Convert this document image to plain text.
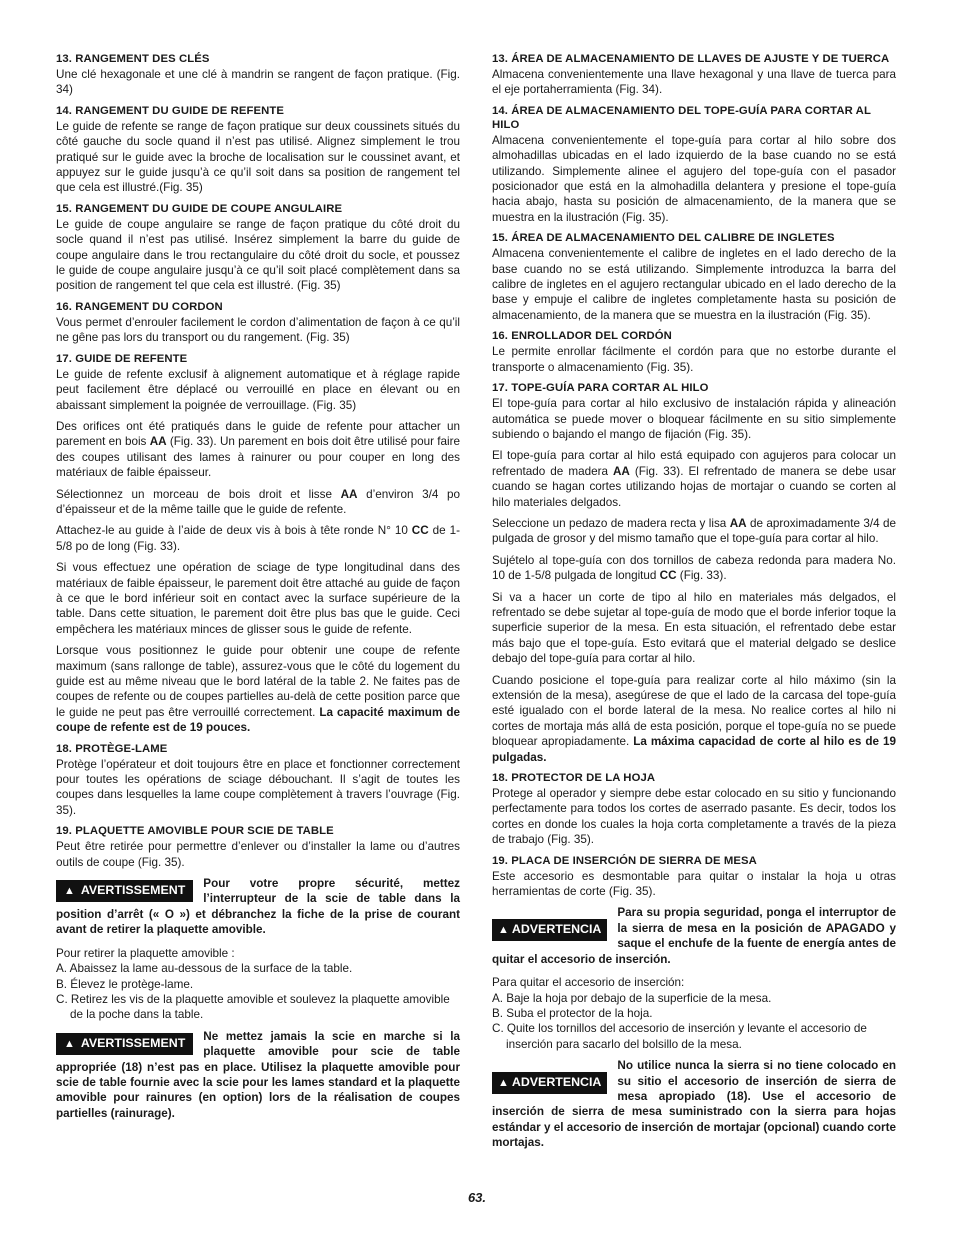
13. RANGEMENT DES CLÉS

Une clé hexagonale et une clé à mandrin se rangent de façon pratique. (Fig. 34)

14. RANGEMENT DU GUIDE DE REFENTE

Le guide de refente se range de façon pratique sur deux coussinets situés du côté gauche du socle quand il n’est pas utilisé. Alignez simplement le trou pratiqué sur le guide avec la broche de localisation sur le coussinet avant, et appuyez sur le guide jusqu’à ce qu’il soit dans sa position de rangement tel que cela est illustré.(Fig. 35)

15. RANGEMENT DU GUIDE DE COUPE ANGULAIRE

Le guide de coupe angulaire se range de façon pratique du côté droit du socle quand il n’est pas utilisé. Insérez simplement la barre du guide de coupe angulaire dans le trou rectangulaire du côté droit du socle, et poussez le guide de coupe angulaire jusqu’à ce qu’il soit placé complètement dans sa position de rangement tel que cela est illustré. (Fig. 35)

16. RANGEMENT DU CORDON

Vous permet d’enrouler facilement le cordon d’alimentation de façon à ce qu’il ne gêne pas lors du transport ou du rangement. (Fig. 35)

17. GUIDE DE REFENTE

Le guide de refente exclusif à alignement automatique et à réglage rapide peut facilement être déplacé ou verrouillé en place en élevant ou en abaissant simplement la poignée de verrouillage. (Fig. 35)

Des orifices ont été pratiqués dans le guide de refente pour attacher un parement en bois AA (Fig. 33). Un parement en bois doit être utilisé pour faire des coupes utilisant des lames à rainurer ou pour couper en long des matériaux de faible épaisseur.

Sélectionnez un morceau de bois droit et lisse AA d’environ 3/4 po d’épaisseur et de la même taille que le guide de refente.

Attachez-le au guide à l’aide de deux vis à bois à tête ronde N° 10 CC de 1-5/8 po de long (Fig. 33).

Si vous effectuez une opération de sciage de type longitudinal dans des matériaux de faible épaisseur, le parement doit être attaché au guide de façon à ce que le bord inférieur soit en contact avec la surface supérieure de la table. Dans cette situation, le parement doit être plus bas que le guide. Ceci empêchera les matériaux minces de glisser sous le guide de refente.

Lorsque vous positionnez le guide pour obtenir une coupe de refente maximum (sans rallonge de table), assurez-vous que le côté du logement du guide est au même niveau que le bord latéral de la table 2. Ne faites pas de coupes de refente ou de coupes partielles au-delà de cette position parce que le guide ne peut pas être verrouillé correctement. La capacité maximum de coupe de refente est de 19 pouces.

18. PROTÈGE-LAME

Protège l’opérateur et doit toujours être en place et fonctionner correctement pour toutes les opérations de sciage débouchant. Il s’agit de toutes les coupes dans lesquelles la lame coupe complètement à travers l’ouvrage (Fig. 35).

19. PLAQUETTE AMOVIBLE POUR SCIE DE TABLE

Peut être retirée pour permettre d’enlever ou d’installer la lame ou d’autres outils de coupe (Fig. 35).

▲ AVERTISSEMENT	Pour votre propre sécurité, mettez l’interrupteur de la scie de table dans la position d’arrêt (« O ») et débranchez la fiche de la prise de courant avant de retirer la plaquette amovible.

Pour retirer la plaquette amovible :

A. Abaissez la lame au-dessous de la surface de la table.
B. Élevez le protège-lame.
C. Retirez les vis de la plaquette amovible et soulevez la plaquette amovible de la poche dans la table.
▲ AVERTISSEMENT	Ne mettez jamais la scie en marche si la plaquette amovible pour scie de table appropriée (18) n’est pas en place. Utilisez la plaquette amovible pour scie de table fournie avec la scie pour les lames standard et la plaquette amovible pour rainures (en option) lors de la réalisation de coupes partielles (rainurage).
13. ÁREA DE ALMACENAMIENTO DE LLAVES DE AJUSTE Y DE TUERCA

Almacena convenientemente una llave hexagonal y una llave de tuerca para el eje portaherramienta (Fig. 34).

14. ÁREA DE ALMACENAMIENTO DEL TOPE-GUÍA PARA CORTAR AL HILO

Almacena convenientemente el tope-guía para cortar al hilo sobre dos almohadillas ubicadas en el lado izquierdo de la base cuando no se está utilizando. Simplemente alinee el agujero del tope-guía con el pasador posicionador que está en la almohadilla delantera y presione el tope-guía hacia abajo, hasta su posición de almacenamiento, de la manera que se muestra en la ilustración (Fig. 35).

15. ÁREA DE ALMACENAMIENTO DEL CALIBRE DE INGLETES

Almacena convenientemente el calibre de ingletes en el lado derecho de la base cuando no se está utilizando. Simplemente introduzca la barra del calibre de ingletes en el agujero rectangular ubicado en el lado derecho de la base y empuje el calibre de ingletes completamente hasta su posición de almacenamiento, de la manera que se muestra en la ilustración (Fig. 35).

16. ENROLLADOR DEL CORDÓN

Le permite enrollar fácilmente el cordón para que no estorbe durante el transporte o almacenamiento (Fig. 35).

17. TOPE-GUÍA PARA CORTAR AL HILO

El tope-guía para cortar al hilo exclusivo de instalación rápida y alineación automática se puede mover o bloquear fácilmente en su sitio simplemente subiendo o bajando el mango de fijación (Fig. 35).

El tope-guía para cortar al hilo está equipado con agujeros para colocar un refrentado de madera AA (Fig. 33). El refrentado de manera se debe usar cuando se hagan cortes utilizando hojas de mortajar o cuando se corten al hilo materiales delgados.

Seleccione un pedazo de madera recta y lisa AA de aproximadamente 3/4 de pulgada de grosor y del mismo tamaño que el tope-guía para cortar al hilo.

Sujételo al tope-guía con dos tornillos de cabeza redonda para madera No. 10 de 1-5/8 pulgada de longitud CC (Fig. 33).

Si va a hacer un corte de tipo al hilo en materiales más delgados, el refrentado se debe sujetar al tope-guía de modo que el borde inferior toque la superficie superior de la mesa. En esta situación, el refrentado debe estar más bajo que el tope-guía. Esto evitará que el material delgado se deslice debajo del tope-guía para cortar al hilo.

Cuando posicione el tope-guía para realizar corte al hilo máximo (sin la extensión de la mesa), asegúrese de que el lado de la carcasa del tope-guía esté igualado con el borde lateral de la mesa. No realice cortes al hilo ni cortes de mortaja más allá de esta posición, porque el tope-guía no se puede bloquear apropiadamente. La máxima capacidad de corte al hilo es de 19 pulgadas.

18. PROTECTOR DE LA HOJA

Protege al operador y siempre debe estar colocado en su sitio y funcionando perfectamente para todos los cortes de aserrado pasante. Es decir, todos los cortes en donde los cuales la hoja corta completamente a través de la pieza de trabajo (Fig. 35).

19. PLACA DE INSERCIÓN DE SIERRA DE MESA

Este accesorio es desmontable para quitar o instalar la hoja u otras herramientas de corte (Fig. 35).

▲ ADVERTENCIA
Para su propia seguridad, ponga el interruptor de la sierra de mesa en la posición de APAGADO y saque el enchufe de la fuente de energía antes de quitar el accesorio de inserción.

Para quitar el accesorio de inserción:

A. Baje la hoja por debajo de la superficie de la mesa.
B. Suba el protector de la hoja.
C. Quite los tornillos del accesorio de inserción y levante el accesorio de inserción para sacarlo del bolsillo de la mesa.
▲ ADVERTENCIA
No utilice nunca la sierra si no tiene colocado en su sitio el accesorio de inserción de sierra de mesa apropiado (18). Use el accesorio de inserción de sierra de mesa suministrado con la sierra para hojas estándar y el accesorio de inserción de mortajar (opcional) cuando corte mortajas.
63.
